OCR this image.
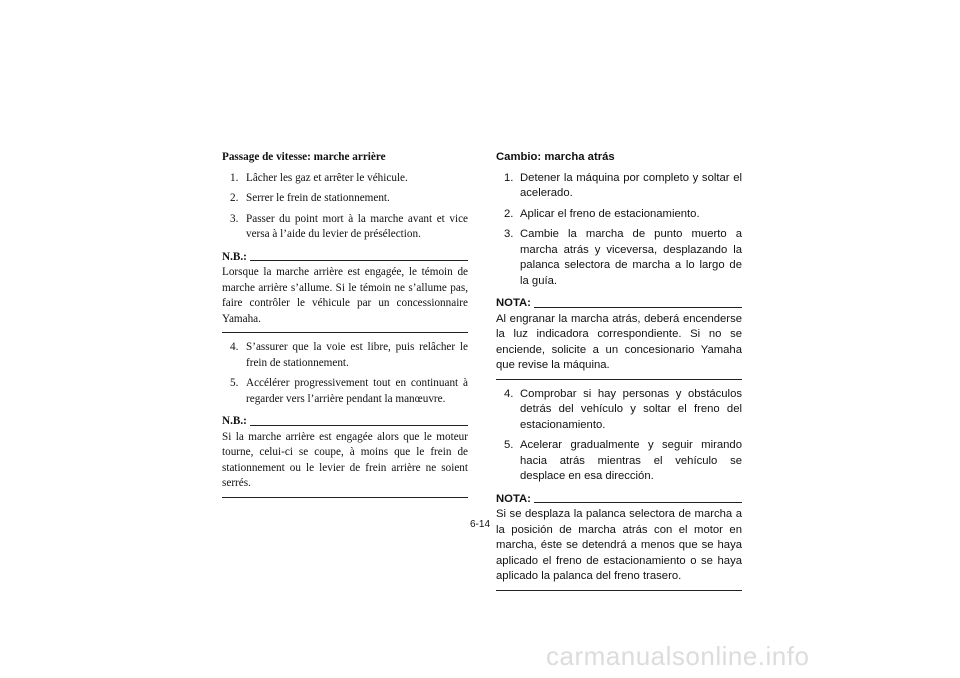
Passage de vitesse: marche arrière
1. Lâcher les gaz et arrêter le véhicule.
2. Serrer le frein de stationnement.
3. Passer du point mort à la marche avant et vice versa à l’aide du levier de présélection.
N.B.:
Lorsque la marche arrière est engagée, le témoin de marche arrière s’allume. Si le témoin ne s’allume pas, faire contrôler le véhicule par un concessionnaire Yamaha.
4. S’assurer que la voie est libre, puis relâcher le frein de stationnement.
5. Accélérer progressivement tout en continuant à regarder vers l’arrière pendant la manœuvre.
N.B.:
Si la marche arrière est engagée alors que le moteur tourne, celui-ci se coupe, à moins que le frein de stationnement ou le levier de frein arrière ne soient serrés.
Cambio: marcha atrás
1. Detener la máquina por completo y soltar el acelerado.
2. Aplicar el freno de estacionamiento.
3. Cambie la marcha de punto muerto a marcha atrás y viceversa, desplazando la palanca selectora de marcha a lo largo de la guía.
NOTA:
Al engranar la marcha atrás, deberá encenderse la luz indicadora correspondiente. Si no se enciende, solicite a un concesionario Yamaha que revise la máquina.
4. Comprobar si hay personas y obstáculos detrás del vehículo y soltar el freno del estacionamiento.
5. Acelerar gradualmente y seguir mirando hacia atrás mientras el vehículo se desplace en esa dirección.
NOTA:
Si se desplaza la palanca selectora de marcha a la posición de marcha atrás con el motor en marcha, éste se detendrá a menos que se haya aplicado el freno de estacionamiento o se haya aplicado la palanca del freno trasero.
6-14
carmanualsonline.info
